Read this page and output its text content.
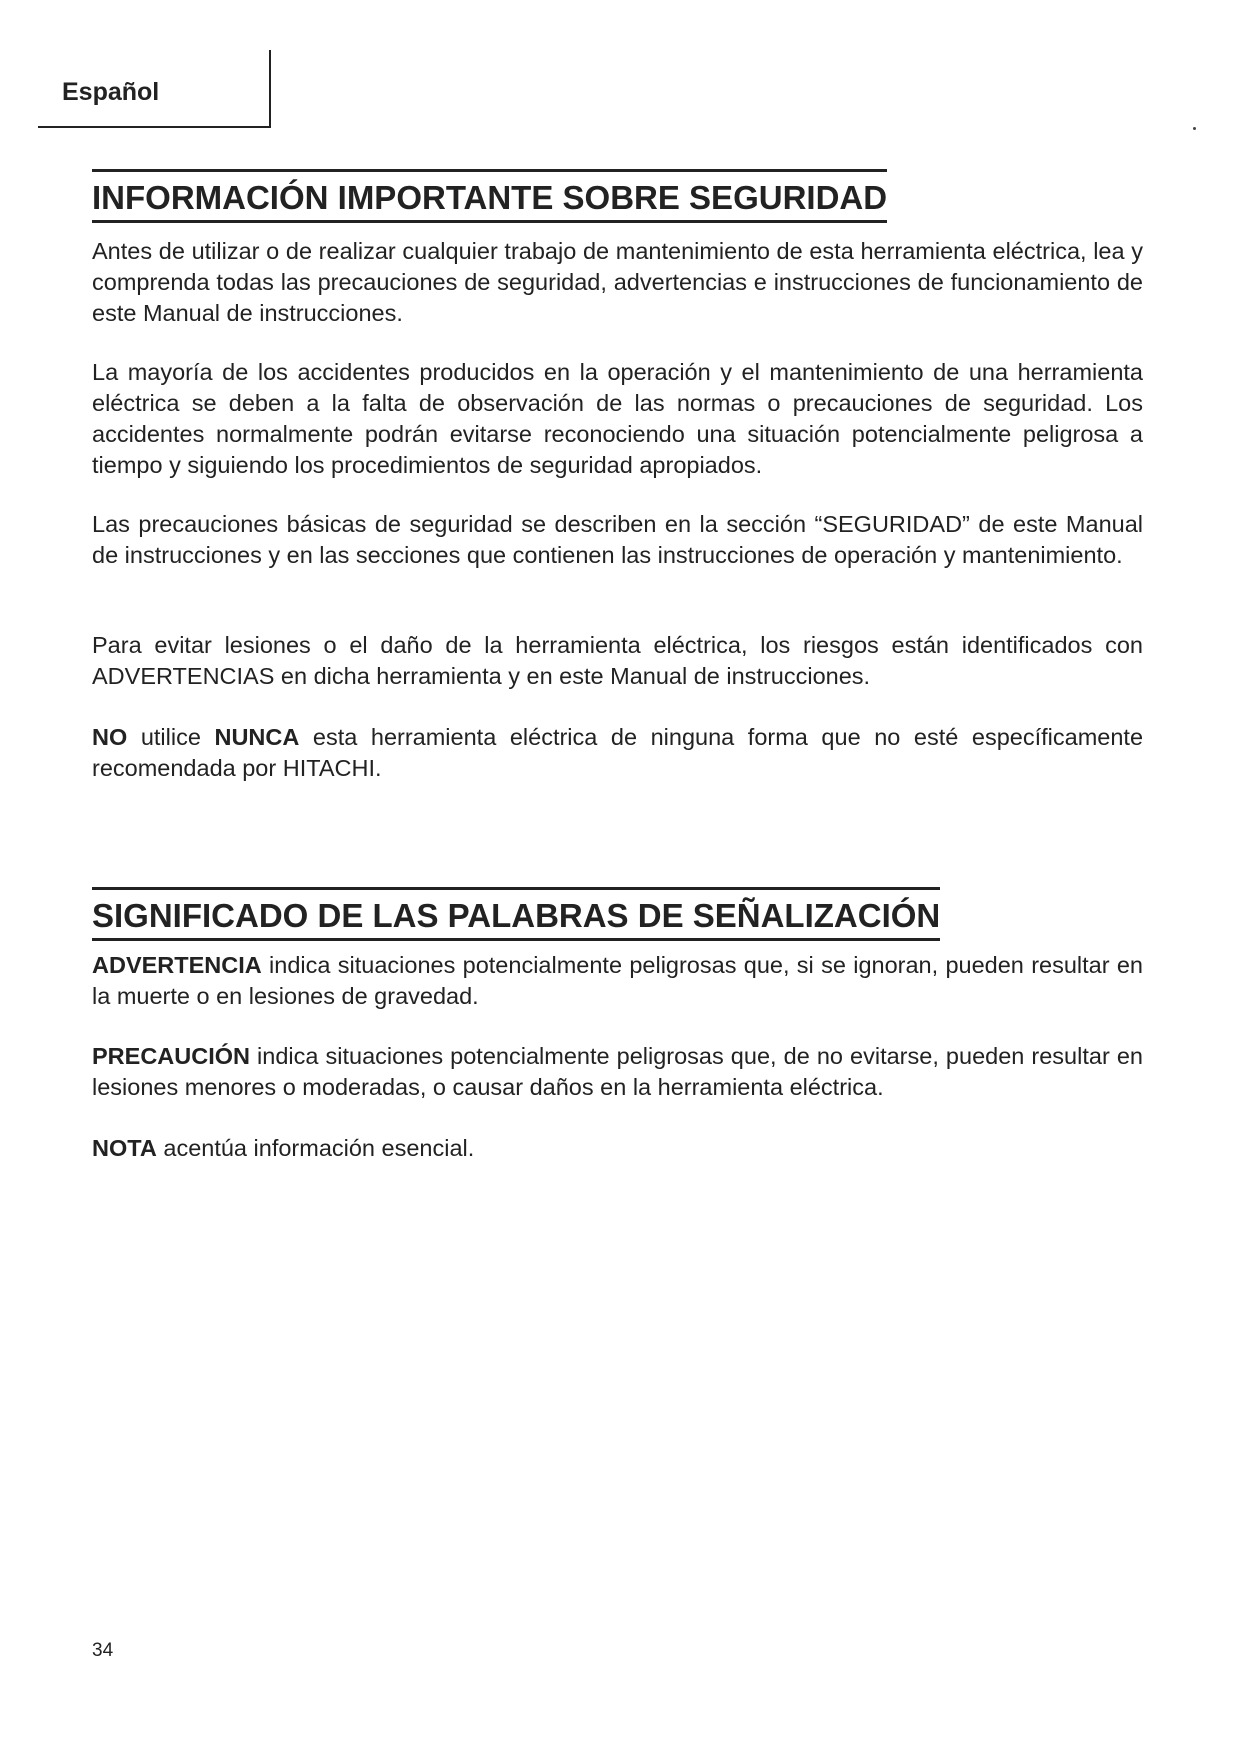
Español
INFORMACIÓN IMPORTANTE SOBRE SEGURIDAD

Antes de utilizar o de realizar cualquier trabajo de mantenimiento de esta herramienta eléctrica, lea y comprenda todas las precauciones de seguridad, advertencias e instrucciones de funcionamiento de este Manual de instrucciones.

La mayoría de los accidentes producidos en la operación y el mantenimiento de una herramienta eléctrica se deben a la falta de observación de las normas o precauciones de seguridad. Los accidentes normalmente podrán evitarse reconociendo una situación potencialmente peligrosa a tiempo y siguiendo los procedimientos de seguridad apropiados.

Las precauciones básicas de seguridad se describen en la sección “SEGURIDAD” de este Manual de instrucciones y en las secciones que contienen las instrucciones de operación y mantenimiento.

Para evitar lesiones o el daño de la herramienta eléctrica, los riesgos están identificados con ADVERTENCIAS en dicha herramienta y en este Manual de instrucciones.

NO utilice NUNCA esta herramienta eléctrica de ninguna forma que no esté específicamente recomendada por HITACHI.

SIGNIFICADO DE LAS PALABRAS DE SEÑALIZACIÓN

ADVERTENCIA indica situaciones potencialmente peligrosas que, si se ignoran, pueden resultar en la muerte o en lesiones de gravedad.

PRECAUCIÓN indica situaciones potencialmente peligrosas que, de no evitarse, pueden resultar en lesiones menores o moderadas, o causar daños en la herramienta eléctrica.

NOTA acentúa información esencial.

34
